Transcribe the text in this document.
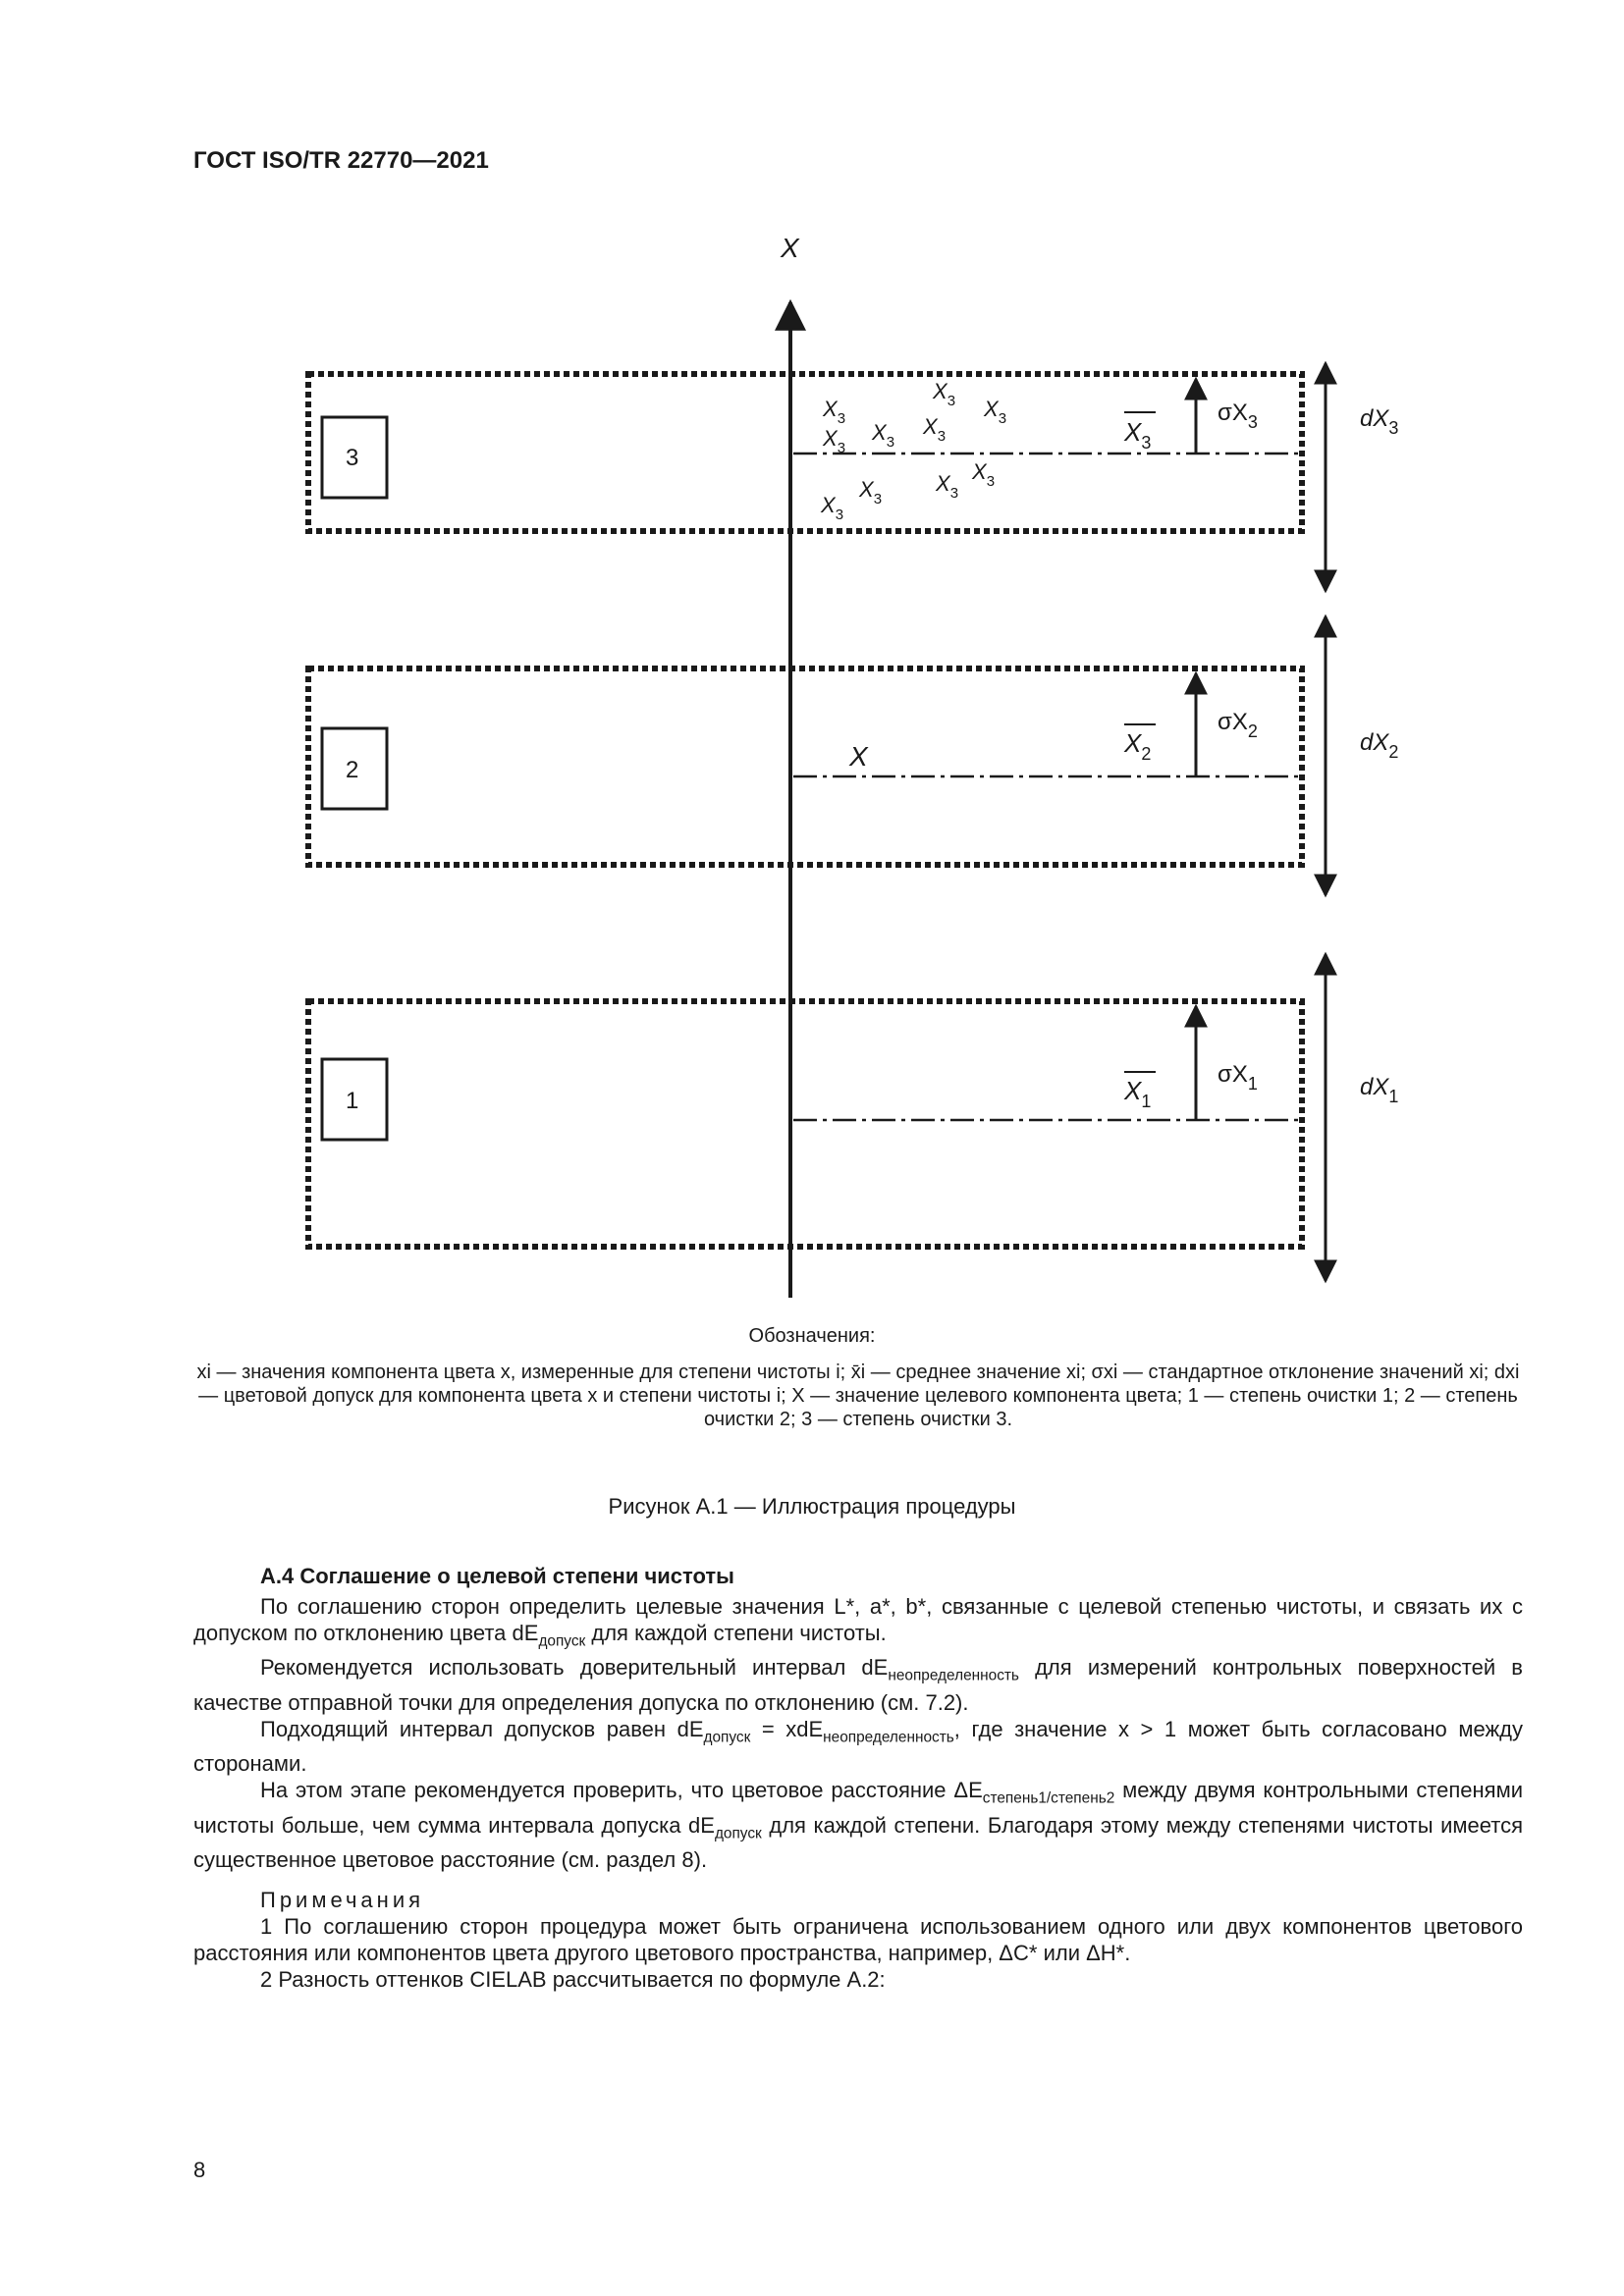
ГОСТ ISO/TR 22770—2021
X
3
$X_3$
$\sigma X_3$	$dX_3$
$X_3$
$X_3$ $X_3$
$X_3$
$X_3$
$X_3$
$X_3$
$X_3$
$X_3$
$X_3$
2	X	$X_2$
$\sigma X_2$	$dX_2$
1	$X_1$
$\sigma X_1$	$dX_1$
Обозначения:
xi — значения компонента цвета x, измеренные для степени чистоты i; x̄i — среднее значение xi; σxi — стандартное отклонение значений xi; dxi — цветовой допуск для компонента цвета x и степени чистоты i; X — значение целевого компонента цвета; 1 — степень очистки 1; 2 — степень очистки 2; 3 — степень очистки 3.
Рисунок А.1 — Иллюстрация процедуры
А.4 Соглашение о целевой степени чистоты

По соглашению сторон определить целевые значения L*, a*, b*, связанные с целевой степенью чистоты, и связать их с допуском по отклонению цвета $dE_{допуск}$ для каждой степени чистоты.

Рекомендуется использовать доверительный интервал $dE_{неопределенность}$ для измерений контрольных поверхностей в качестве отправной точки для определения допуска по отклонению (см. 7.2).

Подходящий интервал допусков равен $dE_{допуск} = xdE_{неопределенность}$, где значение x > 1 может быть согласовано между сторонами.

На этом этапе рекомендуется проверить, что цветовое расстояние $\Delta E_{степень1/степень2}$ между двумя контрольными степенями чистоты больше, чем сумма интервала допуска $dE_{допуск}$ для каждой степени. Благодаря этому между степенями чистоты имеется существенное цветовое расстояние (см. раздел 8).

Примечания

1 По соглашению сторон процедура может быть ограничена использованием одного или двух компонентов цветового расстояния или компонентов цвета другого цветового пространства, например, ΔC* или ΔH*.

2 Разность оттенков CIELAB рассчитывается по формуле А.2:

8
